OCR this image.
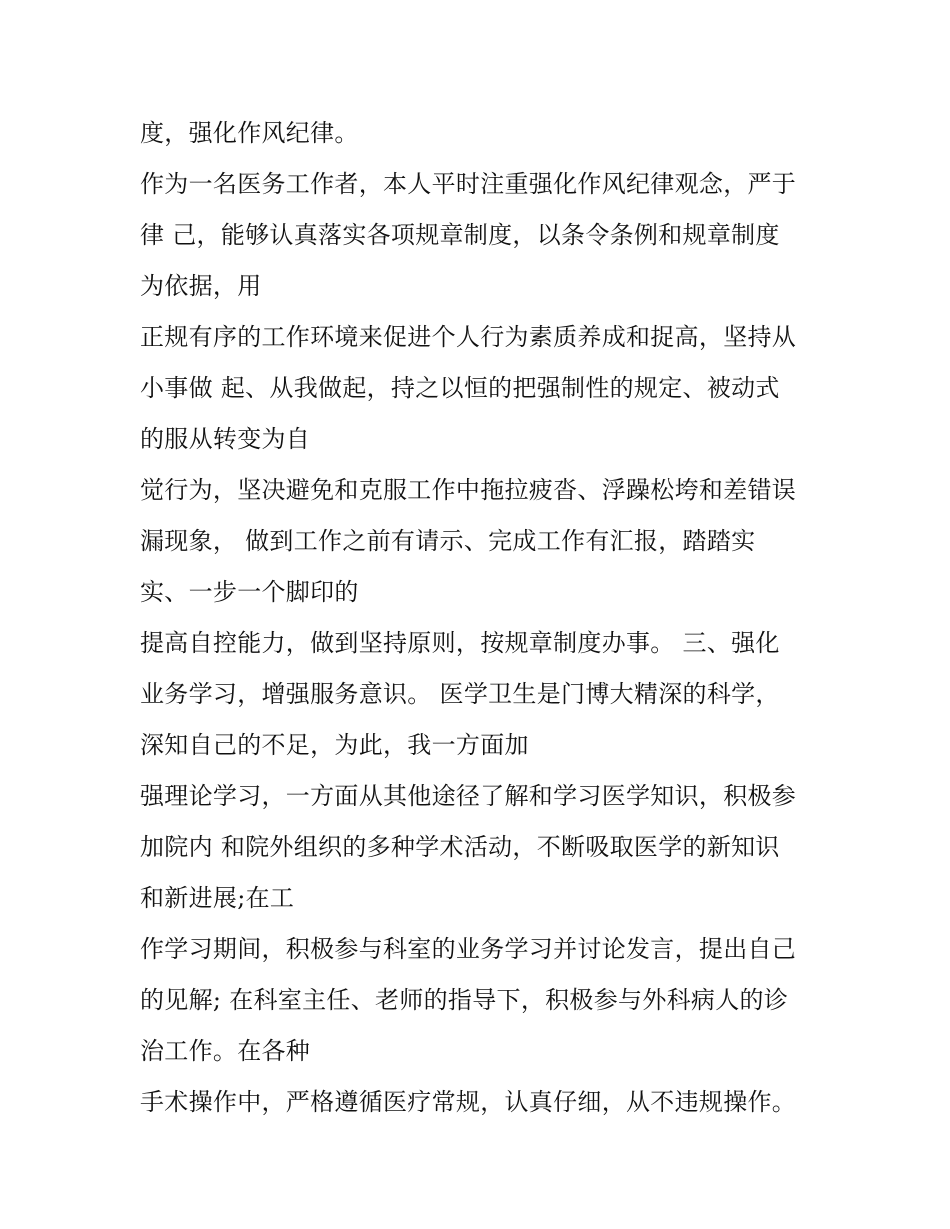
度，强化作风纪律。
作为一名医务工作者，本人平时注重强化作风纪律观念，严于
律 己，能够认真落实各项规章制度，以条令条例和规章制度
为依据，用
正规有序的工作环境来促进个人行为素质养成和捉高，坚持从
小事做 起、从我做起，持之以恒的把强制性的规定、被动式
的服从转变为自
觉行为，坚决避免和克服工作中拖拉疲沓、浮躁松垮和差错误
漏现象， 做到工作之前有请示、完成工作有汇报，踏踏实
实、一步一个脚印的
提高自控能力，做到坚持原则，按规章制度办事。 三、强化
业务学习，增强服务意识。 医学卫生是门博大精深的科学，
深知自己的不足，为此，我一方面加
强理论学习，一方面从其他途径了解和学习医学知识，积极参
加院内 和院外组织的多种学术活动，不断吸取医学的新知识
和新进展;在工
作学习期间，积极参与科室的业务学习并讨论发言，提出自己
的见解; 在科室主任、老师的指导下，积极参与外科病人的诊
治工作。在各种
手术操作中，严格遵循医疗常规，认真仔细，从不违规操作。
